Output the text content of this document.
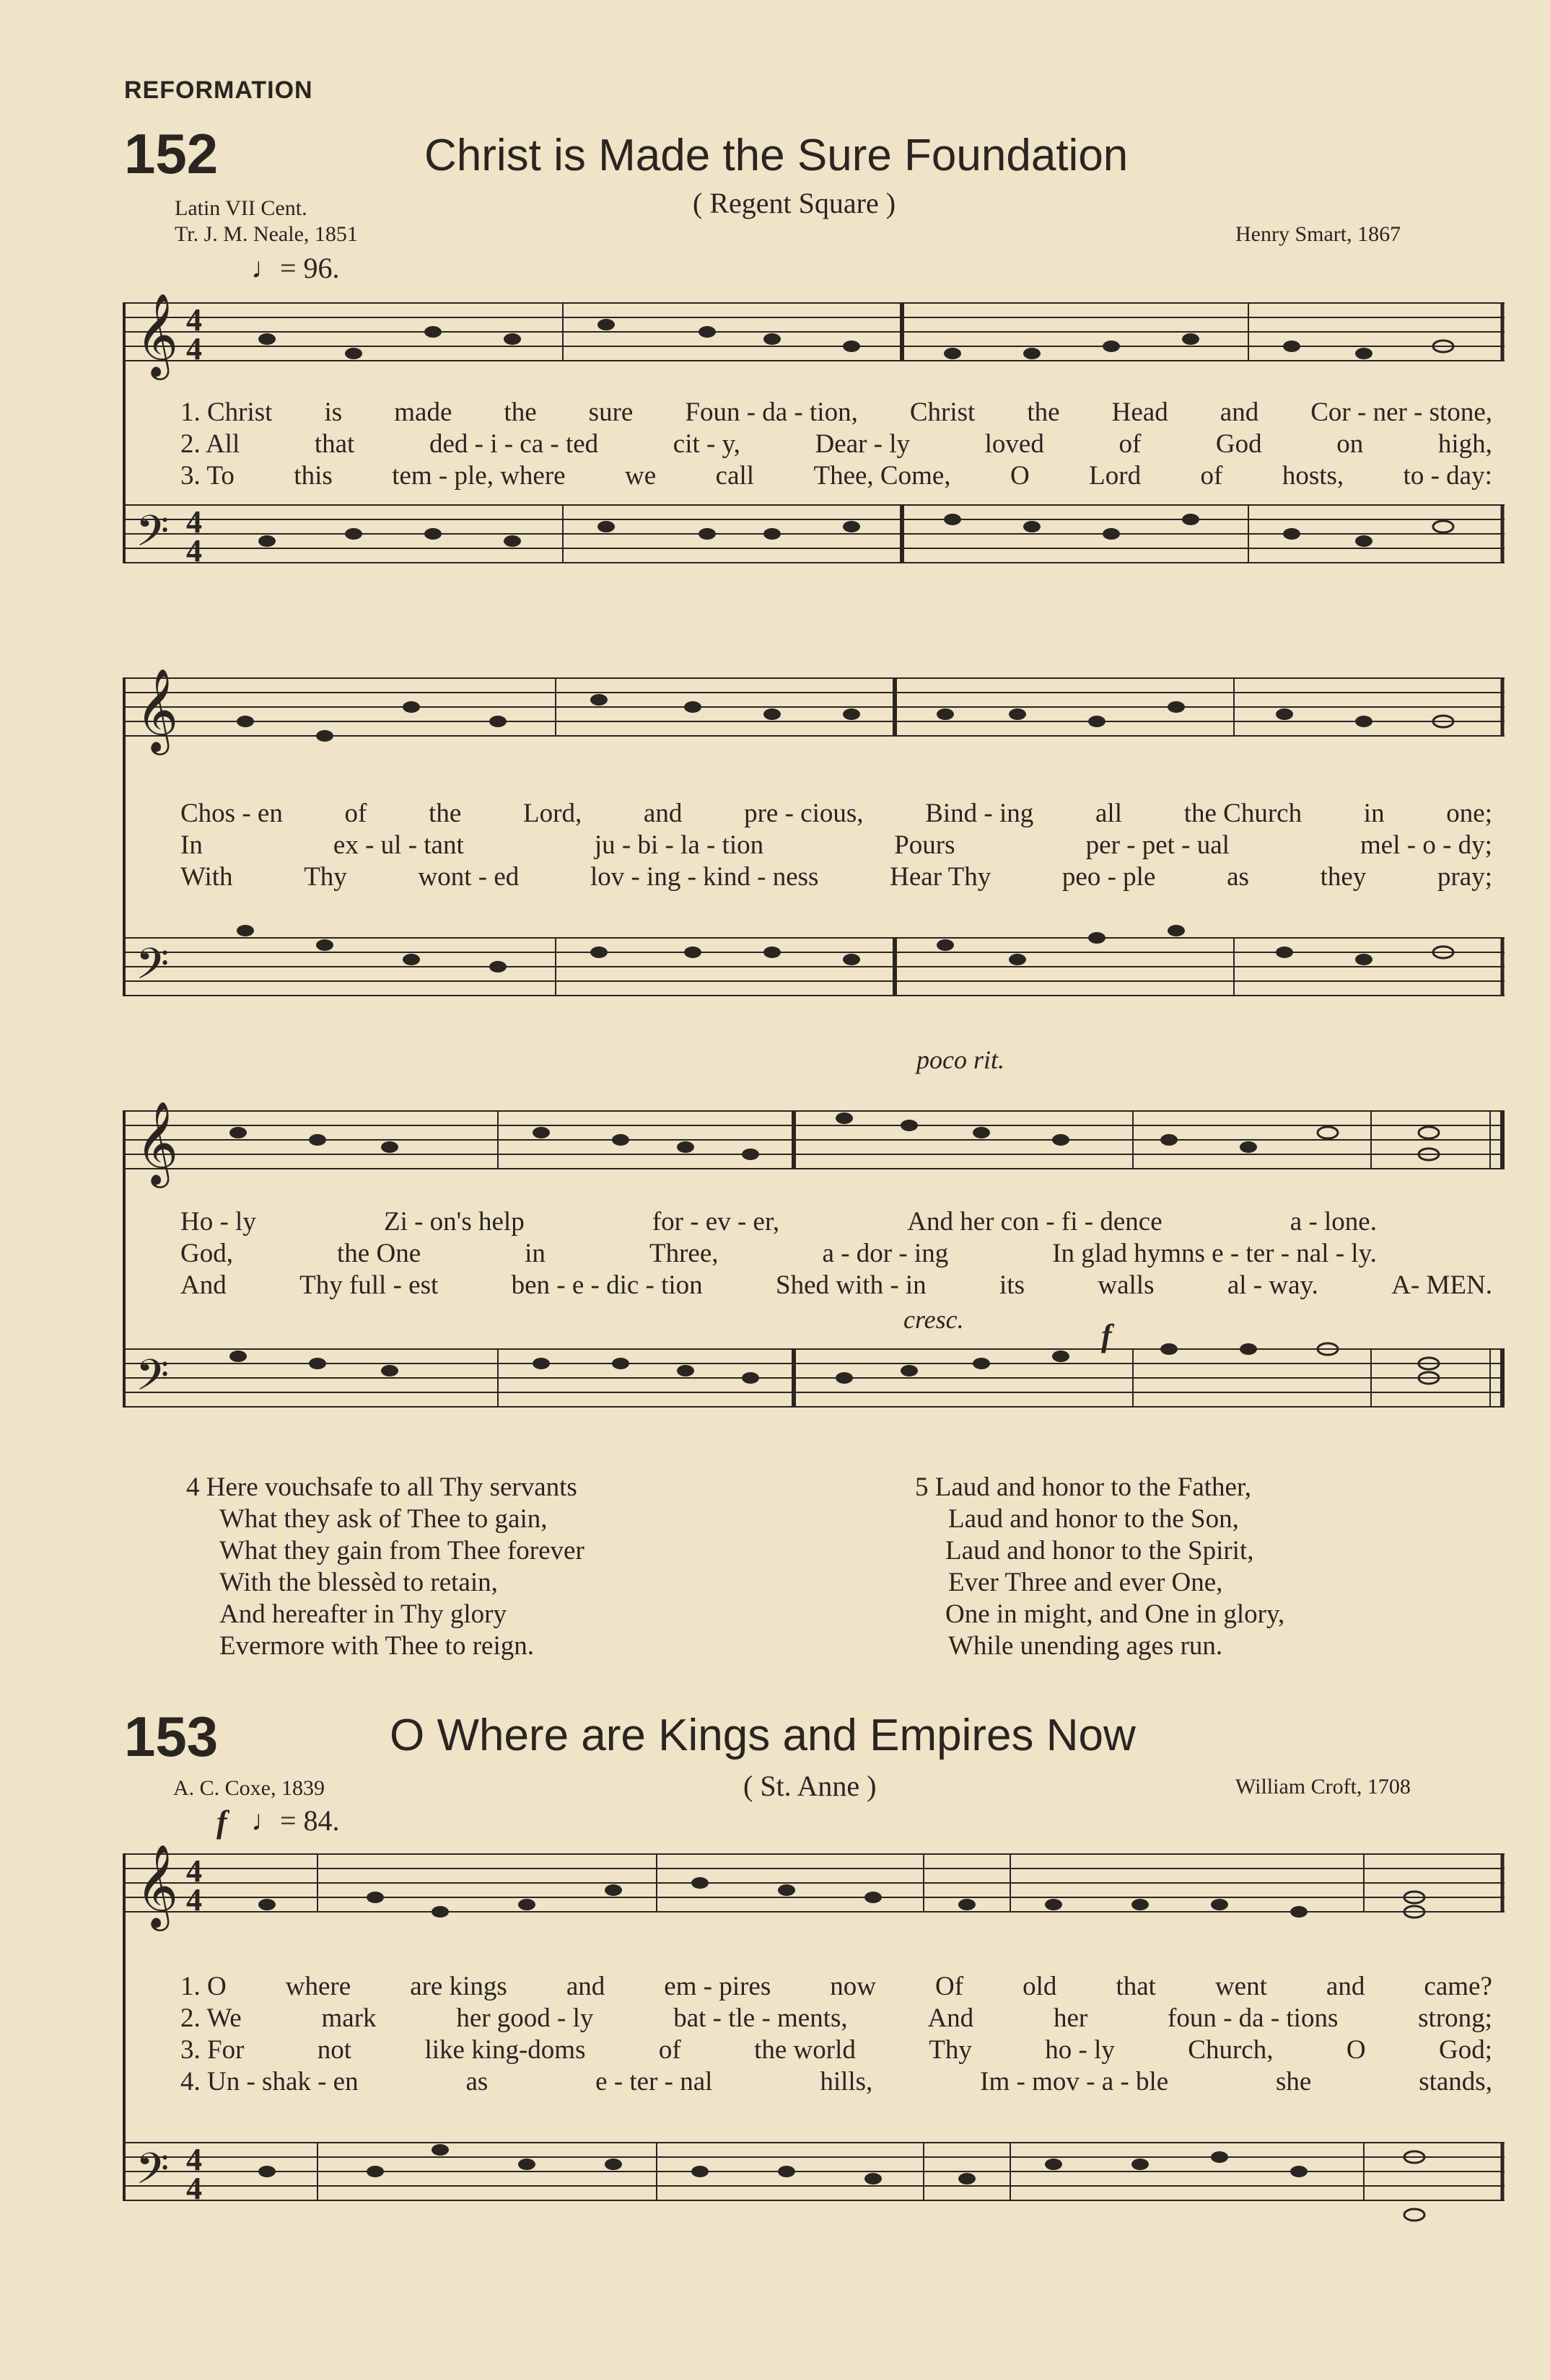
REFORMATION
152	Christ is Made the Sure Foundation
( Regent Square )
Latin VII Cent.
Tr. J. M. Neale, 1851	Henry Smart, 1867
♩= 96.
𝄞
𝄢
4
4
4
4
1. Christ is made the sure Foun - da - tion, Christ the Head and Cor - ner - stone,
2. All	that	ded - i - ca - ted	cit - y,	Dear - ly	loved	of	God	on	high,
3. To this tem - ple, where we call Thee, Come, O Lord of hosts, to - day:
𝄞
𝄢
Chos - en of the Lord, and pre - cious, Bind - ing all the Church in one;
In	ex - ul - tant	ju - bi - la - tion	Pours	per - pet - ual	mel - o - dy;
With	Thy	wont - ed	lov - ing - kind - ness	Hear Thy	peo - ple	as	they	pray;
poco rit.
𝄞
𝄢
Ho - ly	Zi - on's help	for - ev - er,	And her con - fi - dence	a - lone.
God,	the One	in	Three,	a - dor - ing	In glad hymns e - ter - nal - ly.
And	Thy full - est	ben - e - dic - tion	Shed with - in	its	walls	al - way.	A- MEN.
cresc.	f
4 Here vouchsafe to all Thy servants
What they ask of Thee to gain,
What they gain from Thee forever
With the blessèd to retain,
And hereafter in Thy glory
Evermore with Thee to reign.
5 Laud and honor to the Father,
Laud and honor to the Son,
Laud and honor to the Spirit,
Ever Three and ever One,
One in might, and One in glory,
While unending ages run.
153	O Where are Kings and Empires Now
( St. Anne )
A. C. Coxe, 1839	William Croft, 1708
f ♩= 84.
𝄞
𝄢
4
4
4
4
1. O where are kings and em - pires now Of old that went and came?
2. We	mark	her good - ly	bat - tle - ments,	And	her	foun - da - tions	strong;
3. For	not	like king-doms	of	the world	Thy	ho - ly	Church,	O	God;
4. Un - shak - en	as	e - ter - nal	hills,	Im - mov - a - ble	she	stands,
